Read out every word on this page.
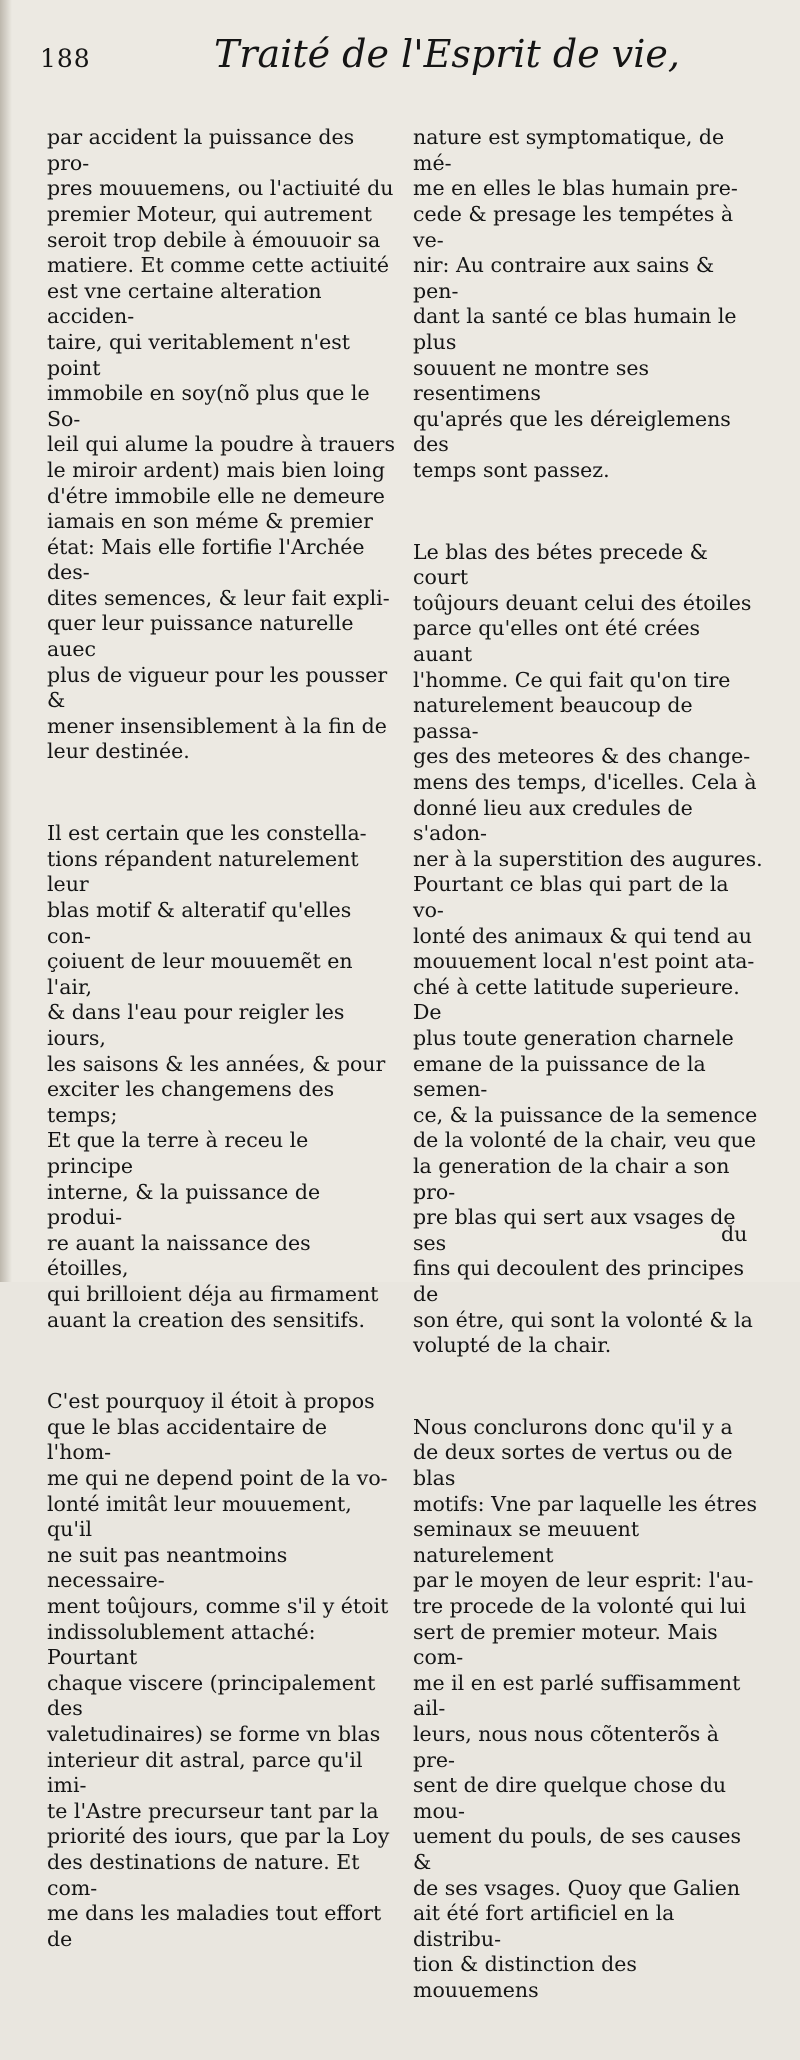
188	Traité de l'Esprit de vie,

par accident la puissance des pro-
pres mouuemens, ou l'actiuité du
premier Moteur, qui autrement
seroit trop debile à émouuoir sa
matiere. Et comme cette actiuité
est vne certaine alteration acciden-
taire, qui veritablement n'est point
immobile en soy(nõ plus que le So-
leil qui alume la poudre à trauers
le miroir ardent) mais bien loing
d'étre immobile elle ne demeure
iamais en son méme & premier
état: Mais elle fortifie l'Archée des-
dites semences, & leur fait expli-
quer leur puissance naturelle auec
plus de vigueur pour les pousser &
mener insensiblement à la fin de
leur destinée.

Il est certain que les constella-
tions répandent naturelement leur
blas motif & alteratif qu'elles con-
çoiuent de leur mouuemẽt en l'air,
& dans l'eau pour reigler les iours,
les saisons & les années, & pour
exciter les changemens des temps;
Et que la terre à receu le principe
interne, & la puissance de produi-
re auant la naissance des étoilles,
qui brilloient déja au firmament
auant la creation des sensitifs.

C'est pourquoy il étoit à propos
que le blas accidentaire de l'hom-
me qui ne depend point de la vo-
lonté imitât leur mouuement, qu'il
ne suit pas neantmoins necessaire-
ment toûjours, comme s'il y étoit
indissolublement attaché: Pourtant
chaque viscere (principalement des
valetudinaires) se forme vn blas
interieur dit astral, parce qu'il imi-
te l'Astre precurseur tant par la
priorité des iours, que par la Loy
des destinations de nature. Et com-
me dans les maladies tout effort de

nature est symptomatique, de mé-
me en elles le blas humain pre-
cede & presage les tempétes à ve-
nir: Au contraire aux sains & pen-
dant la santé ce blas humain le plus
souuent ne montre ses resentimens
qu'aprés que les déreiglemens des
temps sont passez.

Le blas des bétes precede & court
toûjours deuant celui des étoiles
parce qu'elles ont été crées auant
l'homme. Ce qui fait qu'on tire
naturelement beaucoup de passa-
ges des meteores & des change-
mens des temps, d'icelles. Cela à
donné lieu aux credules de s'adon-
ner à la superstition des augures.
Pourtant ce blas qui part de la vo-
lonté des animaux & qui tend au
mouuement local n'est point ata-
ché à cette latitude superieure. De
plus toute generation charnele
emane de la puissance de la semen-
ce, & la puissance de la semence
de la volonté de la chair, veu que
la generation de la chair a son pro-
pre blas qui sert aux vsages de ses
fins qui decoulent des principes de
son étre, qui sont la volonté & la
volupté de la chair.

Nous conclurons donc qu'il y a
de deux sortes de vertus ou de blas
motifs: Vne par laquelle les étres
seminaux se meuuent naturelement
par le moyen de leur esprit: l'au-
tre procede de la volonté qui lui
sert de premier moteur. Mais com-
me il en est parlé suffisamment ail-
leurs, nous nous cõtenterõs à pre-
sent de dire quelque chose du mou-
uement du pouls, de ses causes &
de ses vsages. Quoy que Galien
ait été fort artificiel en la distribu-
tion & distinction des mouuemens

du
